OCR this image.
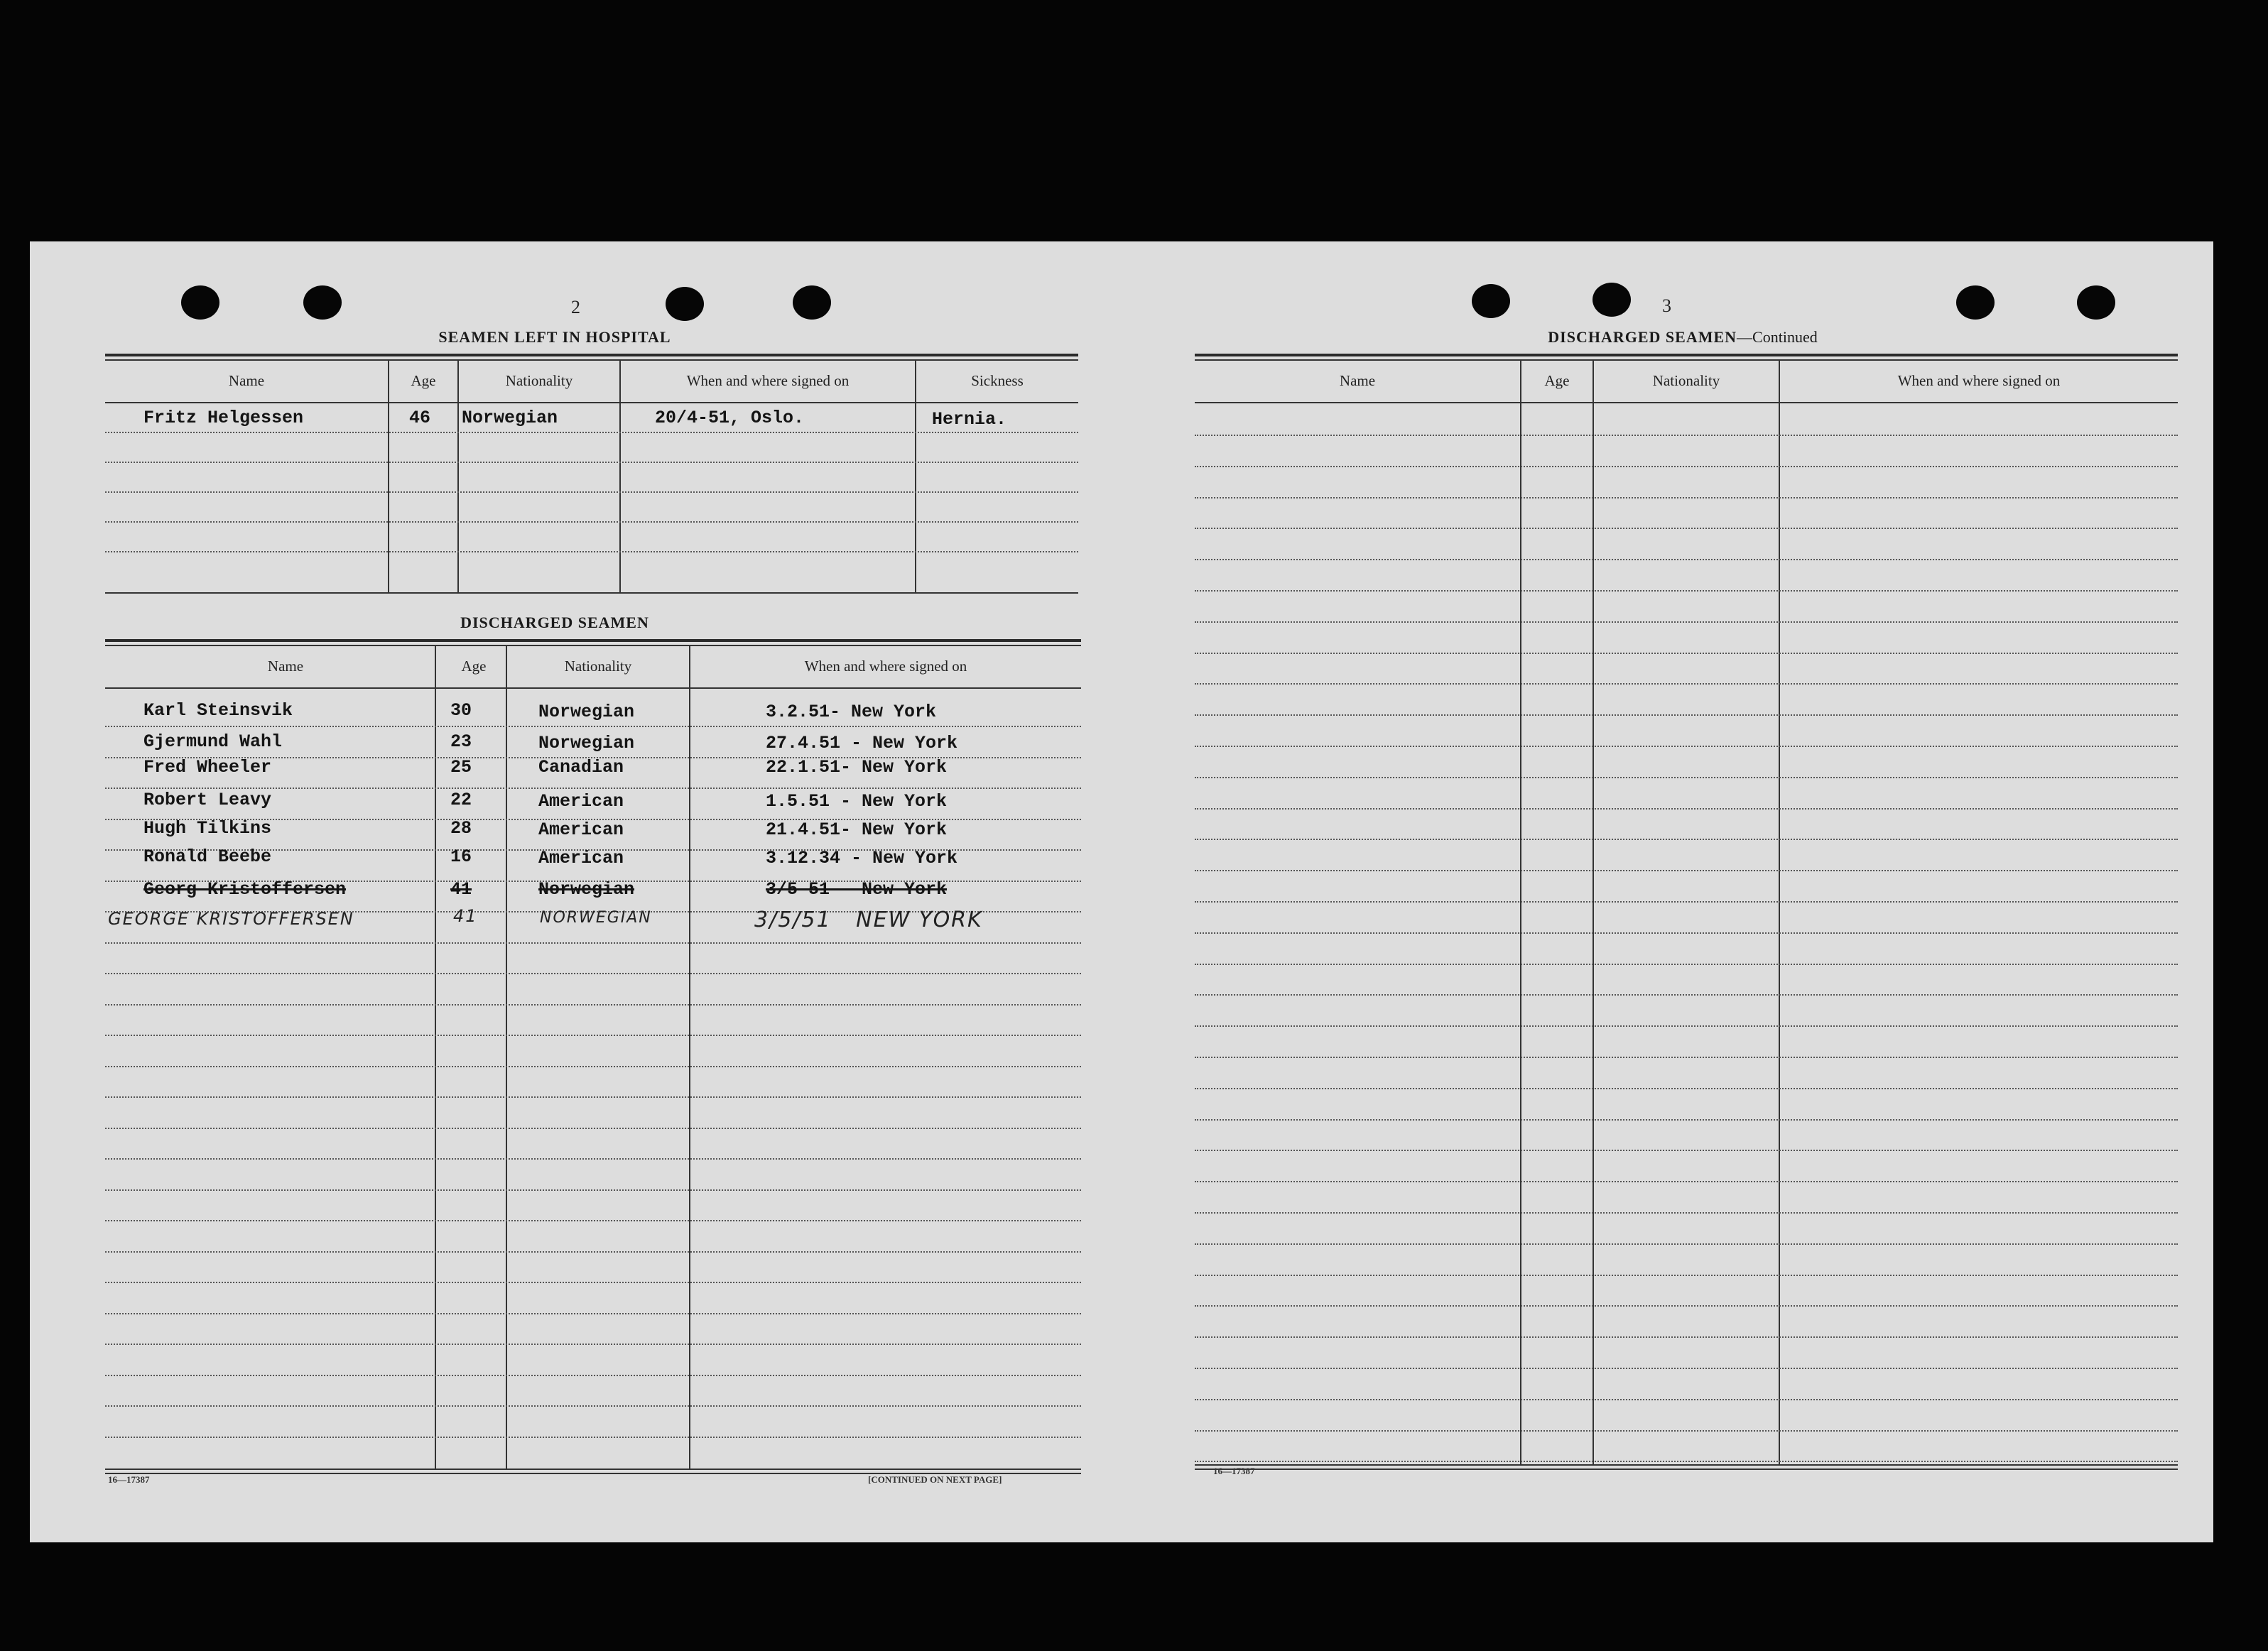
2
SEAMEN LEFT IN HOSPITAL
Name	Age	Nationality	When and where signed on	Sickness
Fritz Helgessen	46 Norwegian	20/4-51, Oslo.	Hernia.
DISCHARGED SEAMEN
Name	Age	Nationality	When and where signed on
Karl Steinsvik	30	Norwegian	3.2.51- New York
Gjermund Wahl	23	Norwegian	27.4.51 - New York
Fred Wheeler	25	Canadian	22.1.51- New York
Robert Leavy	22	American	1.5.51 - New York
Hugh Tilkins	28	American	21.4.51- New York
Ronald Beebe	16	American	3.12.34 - New York
Georg Kristoffersen	41	Norwegian	3/5-51 - New York
GEORGE KRISTOFFERSEN	41	NORWEGIAN	3/5/51   NEW YORK
16—17387	[CONTINUED ON NEXT PAGE]
3
DISCHARGED SEAMEN—Continued
Name	Age	Nationality	When and where signed on
16—17387
